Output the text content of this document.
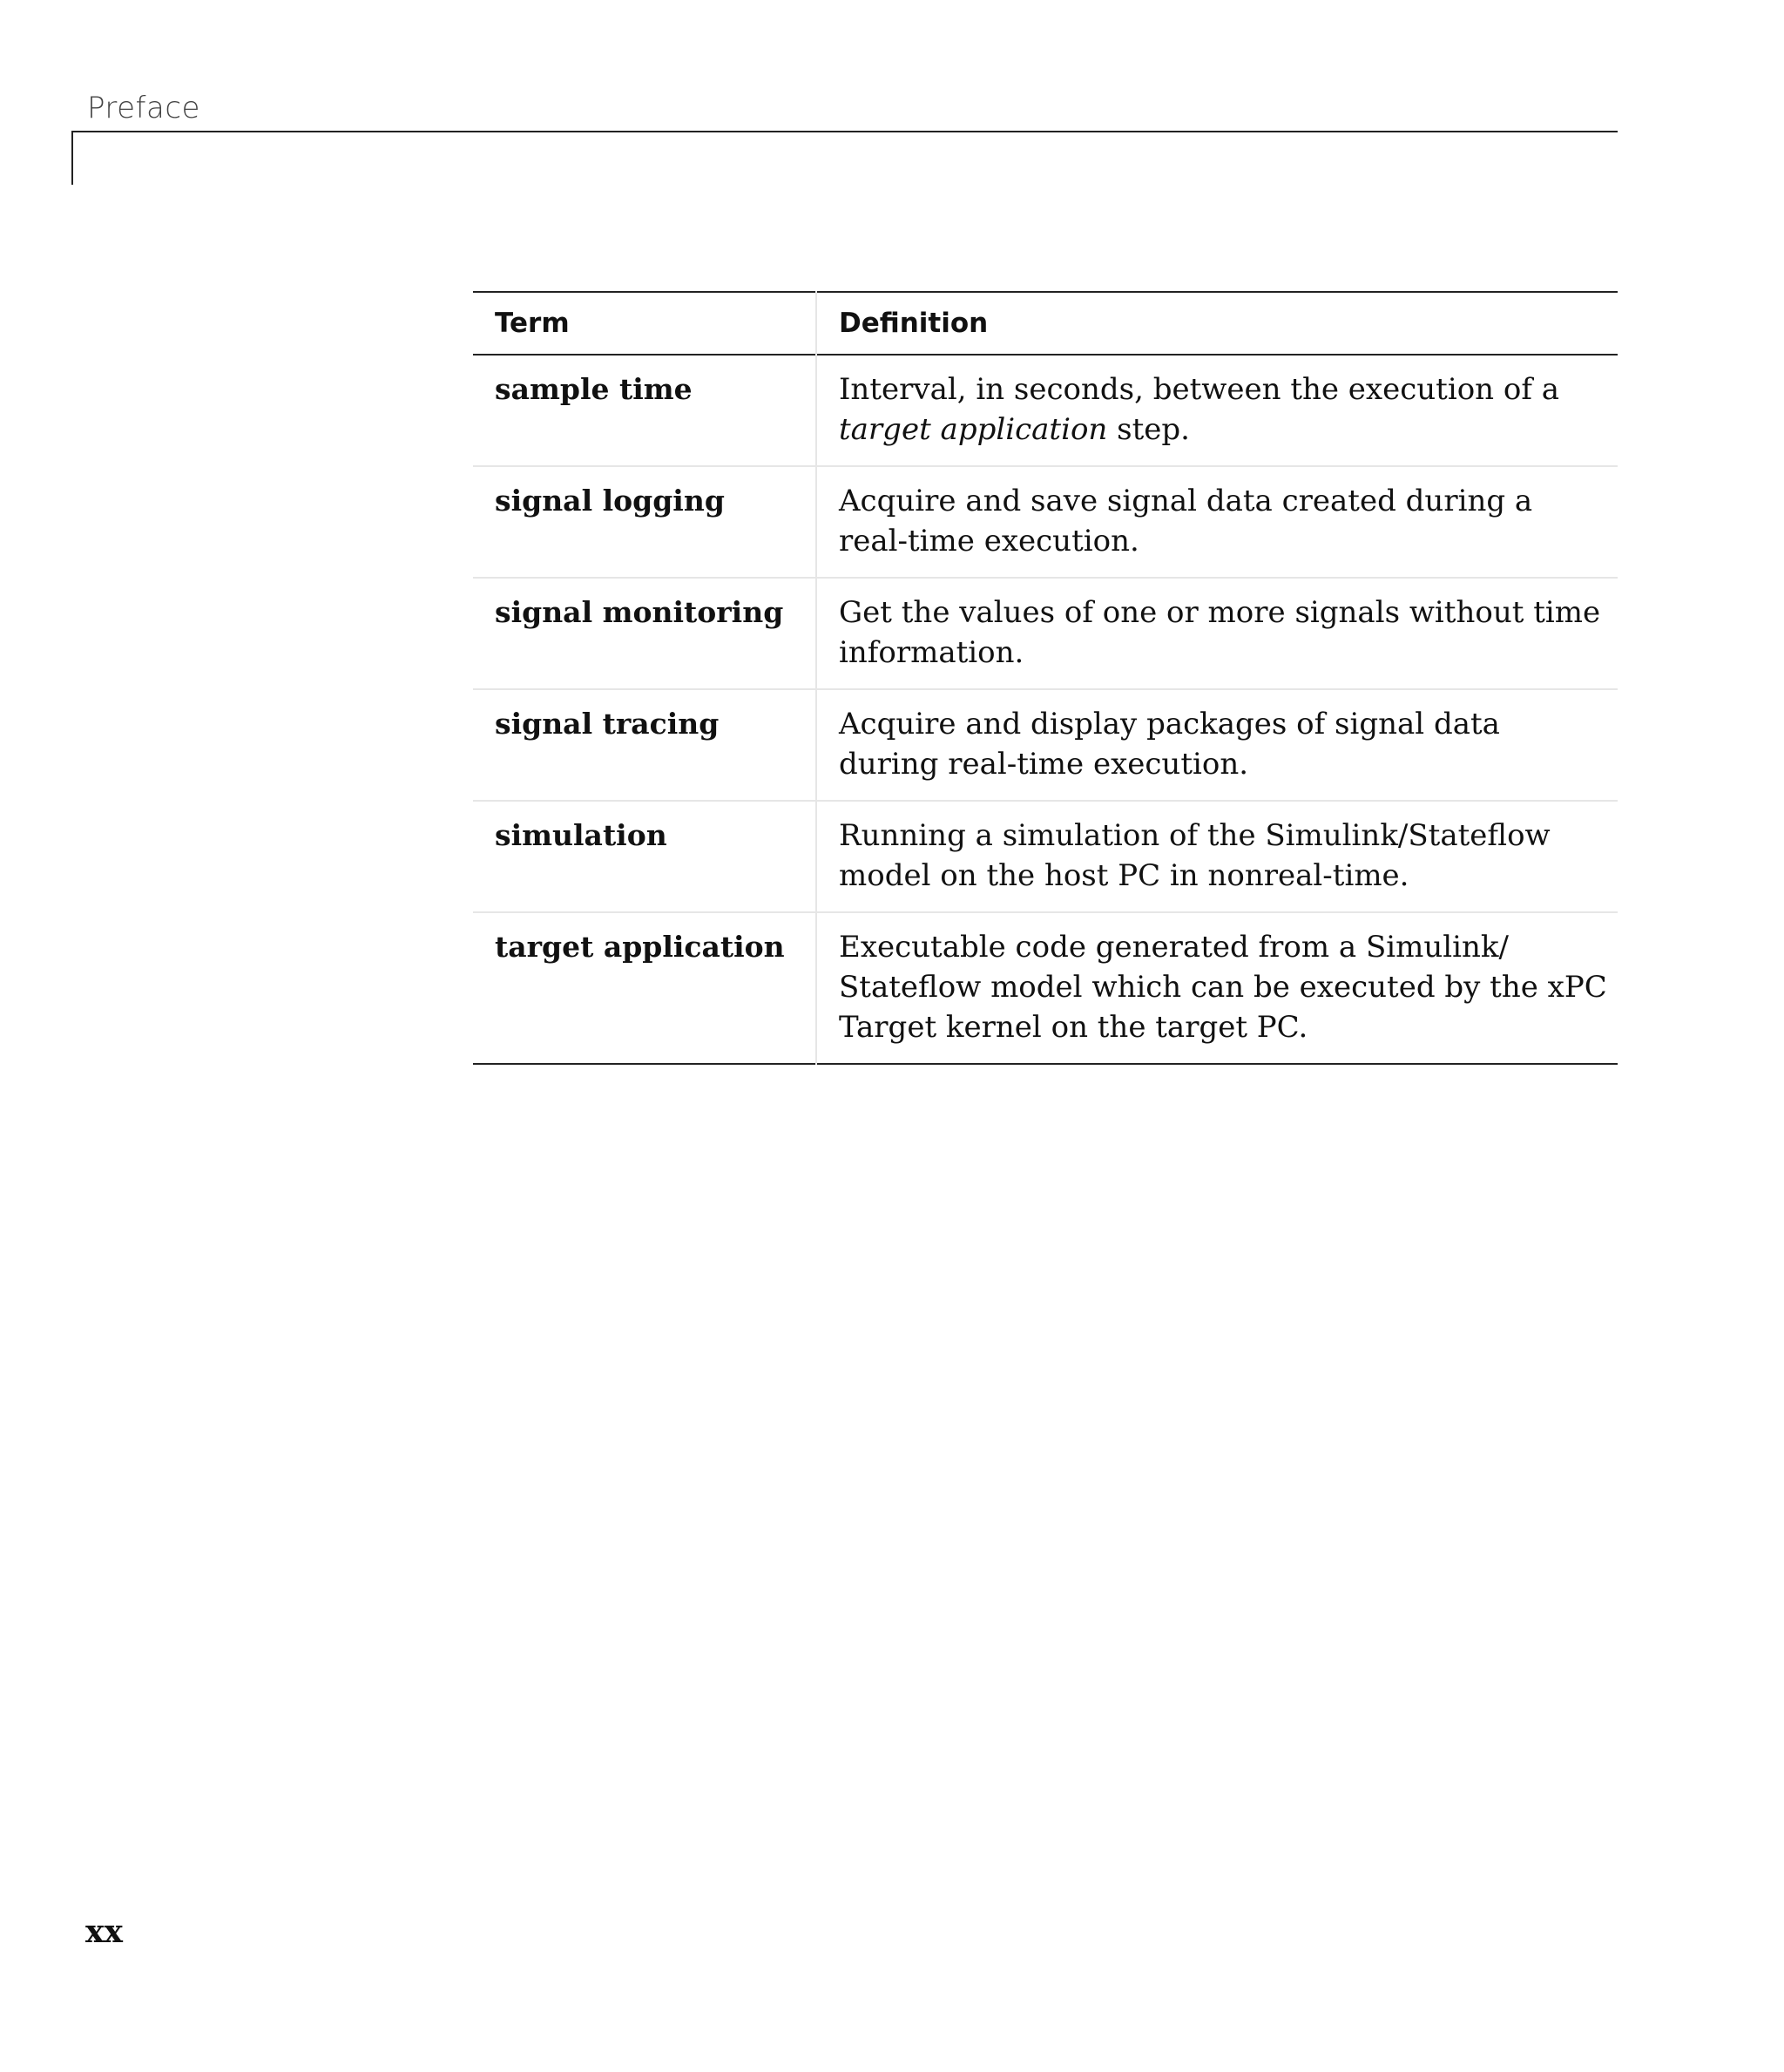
Preface
Term	Definition
sample time	Interval, in seconds, between the execution of a target application step.
signal logging	Acquire and save signal data created during a real-time execution.
signal monitoring	Get the values of one or more signals without time information.
signal tracing	Acquire and display packages of signal data during real-time execution.
simulation	Running a simulation of the Simulink/Stateflow model on the host PC in nonreal-time.
target application	Executable code generated from a Simulink/ Stateflow model which can be executed by the xPC Target kernel on the target PC.
xx
